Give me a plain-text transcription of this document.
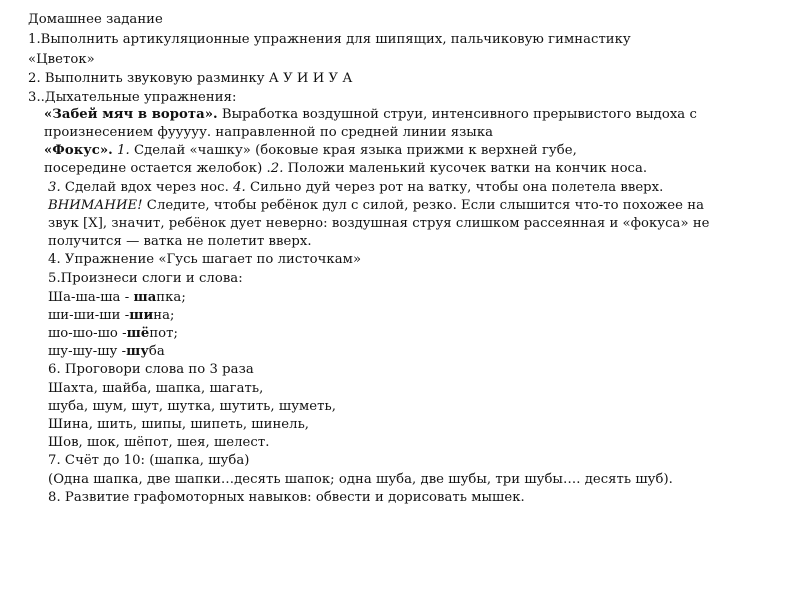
Домашнее задание
1.Выполнить артикуляционные упражнения для шипящих, пальчиковую гимнастику
«Цветок»
2. Выполнить звуковую разминку А У И И У А
3..Дыхательные упражнения:
«Забей мяч в ворота». Выработка воздушной струи, интенсивного прерывистого выдоха с
произнесением фууууу. направленной по средней линии языка
«Фокус». 1. Сделай «чашку» (боковые края языка прижми к верхней губе,
посередине остается желобок) .2. Положи маленький кусочек ватки на кончик носа.
3. Сделай вдох через нос. 4. Сильно дуй через рот на ватку, чтобы она полетела вверх.
ВНИМАНИЕ! Следите, чтобы ребёнок дул с силой, резко. Если слышится что-то похожее на
звук [Х], значит, ребёнок дует неверно: воздушная струя слишком рассеянная и «фокуса» не
получится — ватка не полетит вверх.
4. Упражнение «Гусь шагает по листочкам»
5.Произнеси слоги и слова:
Ша-ша-ша - шапка;
ши-ши-ши -шина;
шо-шо-шо -шёпот;
шу-шу-шу -шуба
6. Проговори слова по 3 раза
Шахта, шайба, шапка, шагать,
шуба, шум, шут, шутка, шутить, шуметь,
Шина, шить, шипы, шипеть, шинель,
Шов, шок, шёпот, шея, шелест.
7. Счёт до 10: (шапка, шуба)
(Одна шапка, две шапки…десять шапок; одна шуба, две шубы, три шубы…. десять шуб).
8. Развитие графомоторных навыков: обвести и дорисовать мышек.
